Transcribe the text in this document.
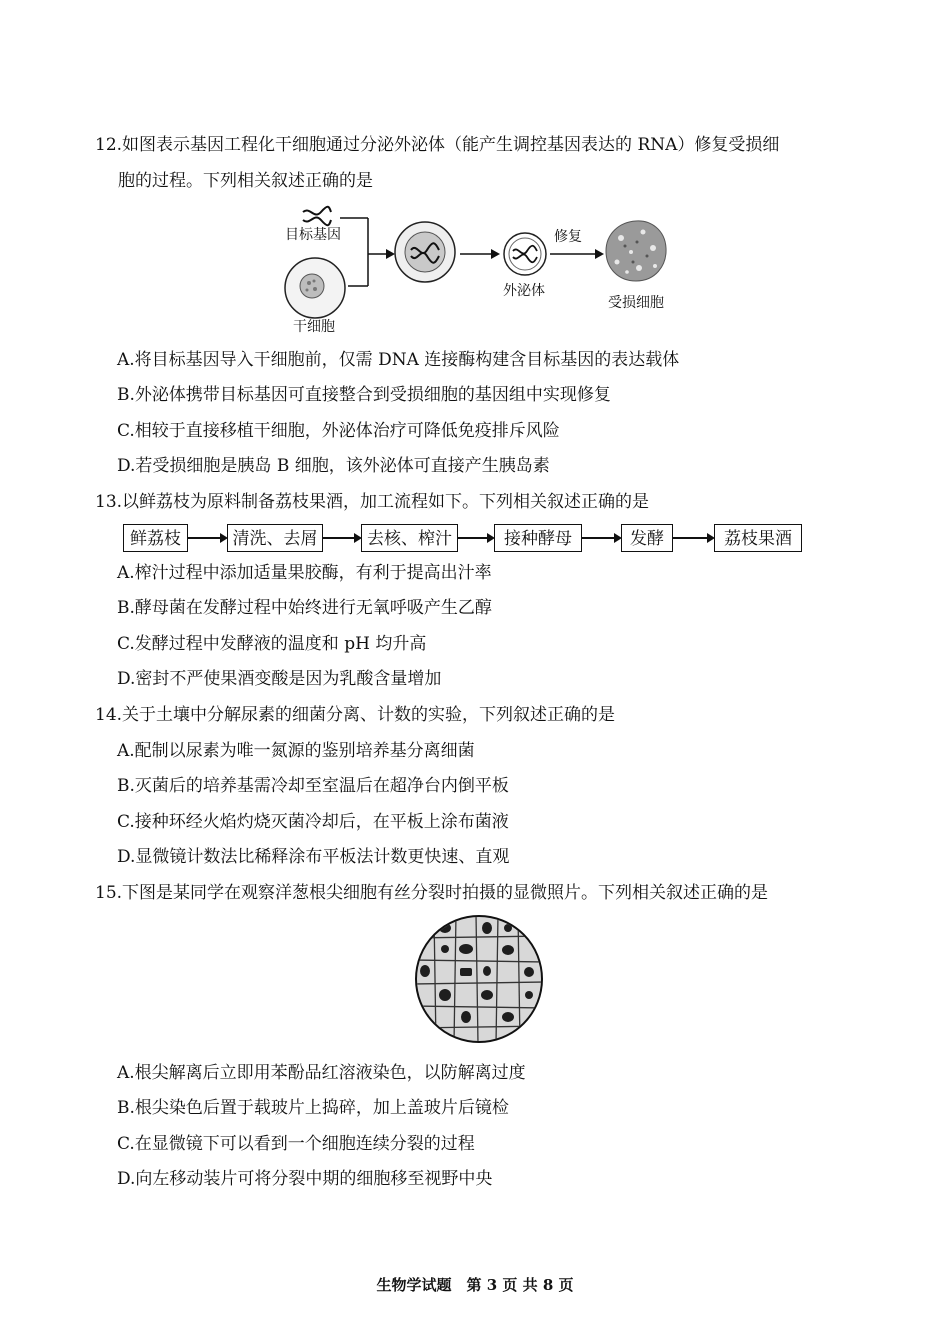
12.如图表示基因工程化干细胞通过分泌外泌体（能产生调控基因表达的 RNA）修复受损细
胞的过程。下列相关叙述正确的是
目标基因
干细胞
外泌体
修复
受损细胞
A.将目标基因导入干细胞前，仅需 DNA 连接酶构建含目标基因的表达载体
B.外泌体携带目标基因可直接整合到受损细胞的基因组中实现修复
C.相较于直接移植干细胞，外泌体治疗可降低免疫排斥风险
D.若受损细胞是胰岛 B 细胞，该外泌体可直接产生胰岛素
13.以鲜荔枝为原料制备荔枝果酒，加工流程如下。下列相关叙述正确的是
鲜荔枝	清洗、去屑	去核、榨汁	接种酵母	发酵	荔枝果酒
A.榨汁过程中添加适量果胶酶，有利于提高出汁率
B.酵母菌在发酵过程中始终进行无氧呼吸产生乙醇
C.发酵过程中发酵液的温度和 pH 均升高
D.密封不严使果酒变酸是因为乳酸含量增加
14.关于土壤中分解尿素的细菌分离、计数的实验，下列叙述正确的是
A.配制以尿素为唯一氮源的鉴别培养基分离细菌
B.灭菌后的培养基需冷却至室温后在超净台内倒平板
C.接种环经火焰灼烧灭菌冷却后，在平板上涂布菌液
D.显微镜计数法比稀释涂布平板法计数更快速、直观
15.下图是某同学在观察洋葱根尖细胞有丝分裂时拍摄的显微照片。下列相关叙述正确的是
A.根尖解离后立即用苯酚品红溶液染色，以防解离过度
B.根尖染色后置于载玻片上捣碎，加上盖玻片后镜检
C.在显微镜下可以看到一个细胞连续分裂的过程
D.向左移动装片可将分裂中期的细胞移至视野中央
生物学试题　第 3 页 共 8 页
